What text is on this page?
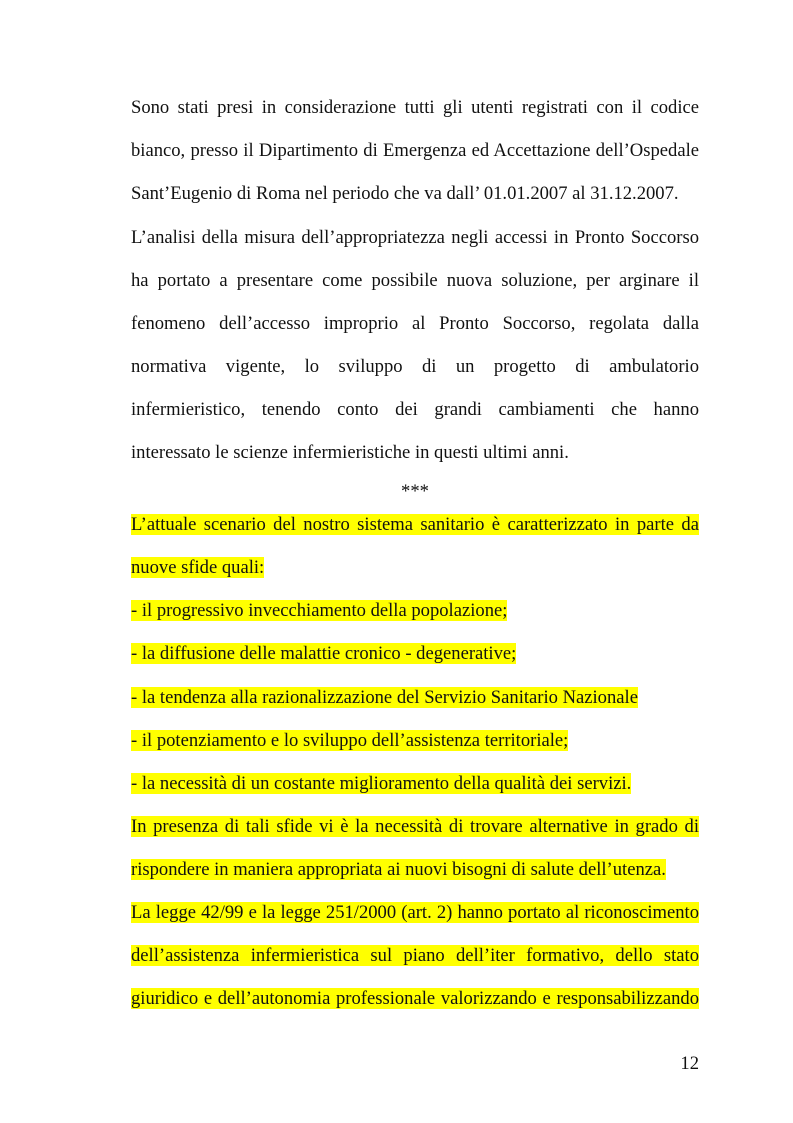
Sono stati presi in considerazione tutti gli utenti registrati con il codice
bianco, presso il Dipartimento di Emergenza ed Accettazione dell’Ospedale
Sant’Eugenio di Roma nel periodo che va dall’ 01.01.2007 al 31.12.2007.
L’analisi della misura dell’appropriatezza negli accessi in Pronto Soccorso
ha portato a presentare come possibile nuova soluzione, per arginare il
fenomeno dell’accesso improprio al Pronto Soccorso, regolata dalla
normativa vigente, lo sviluppo di un progetto di ambulatorio
infermieristico, tenendo conto dei grandi cambiamenti che hanno
interessato le scienze infermieristiche in questi ultimi anni.
***
L’attuale scenario del nostro sistema sanitario è caratterizzato in parte da
nuove sfide quali:
- il progressivo invecchiamento della popolazione;
- la diffusione delle malattie cronico - degenerative;
- la tendenza alla razionalizzazione del Servizio Sanitario Nazionale
- il potenziamento e lo sviluppo dell’assistenza territoriale;
- la necessità di un costante miglioramento della qualità dei servizi.
In presenza di tali sfide vi è la necessità di trovare alternative in grado di
rispondere in maniera appropriata ai nuovi bisogni di salute dell’utenza.
La legge 42/99 e la legge 251/2000 (art. 2) hanno portato al riconoscimento
dell’assistenza infermieristica sul piano dell’iter formativo, dello stato
giuridico e dell’autonomia professionale valorizzando e responsabilizzando
12
